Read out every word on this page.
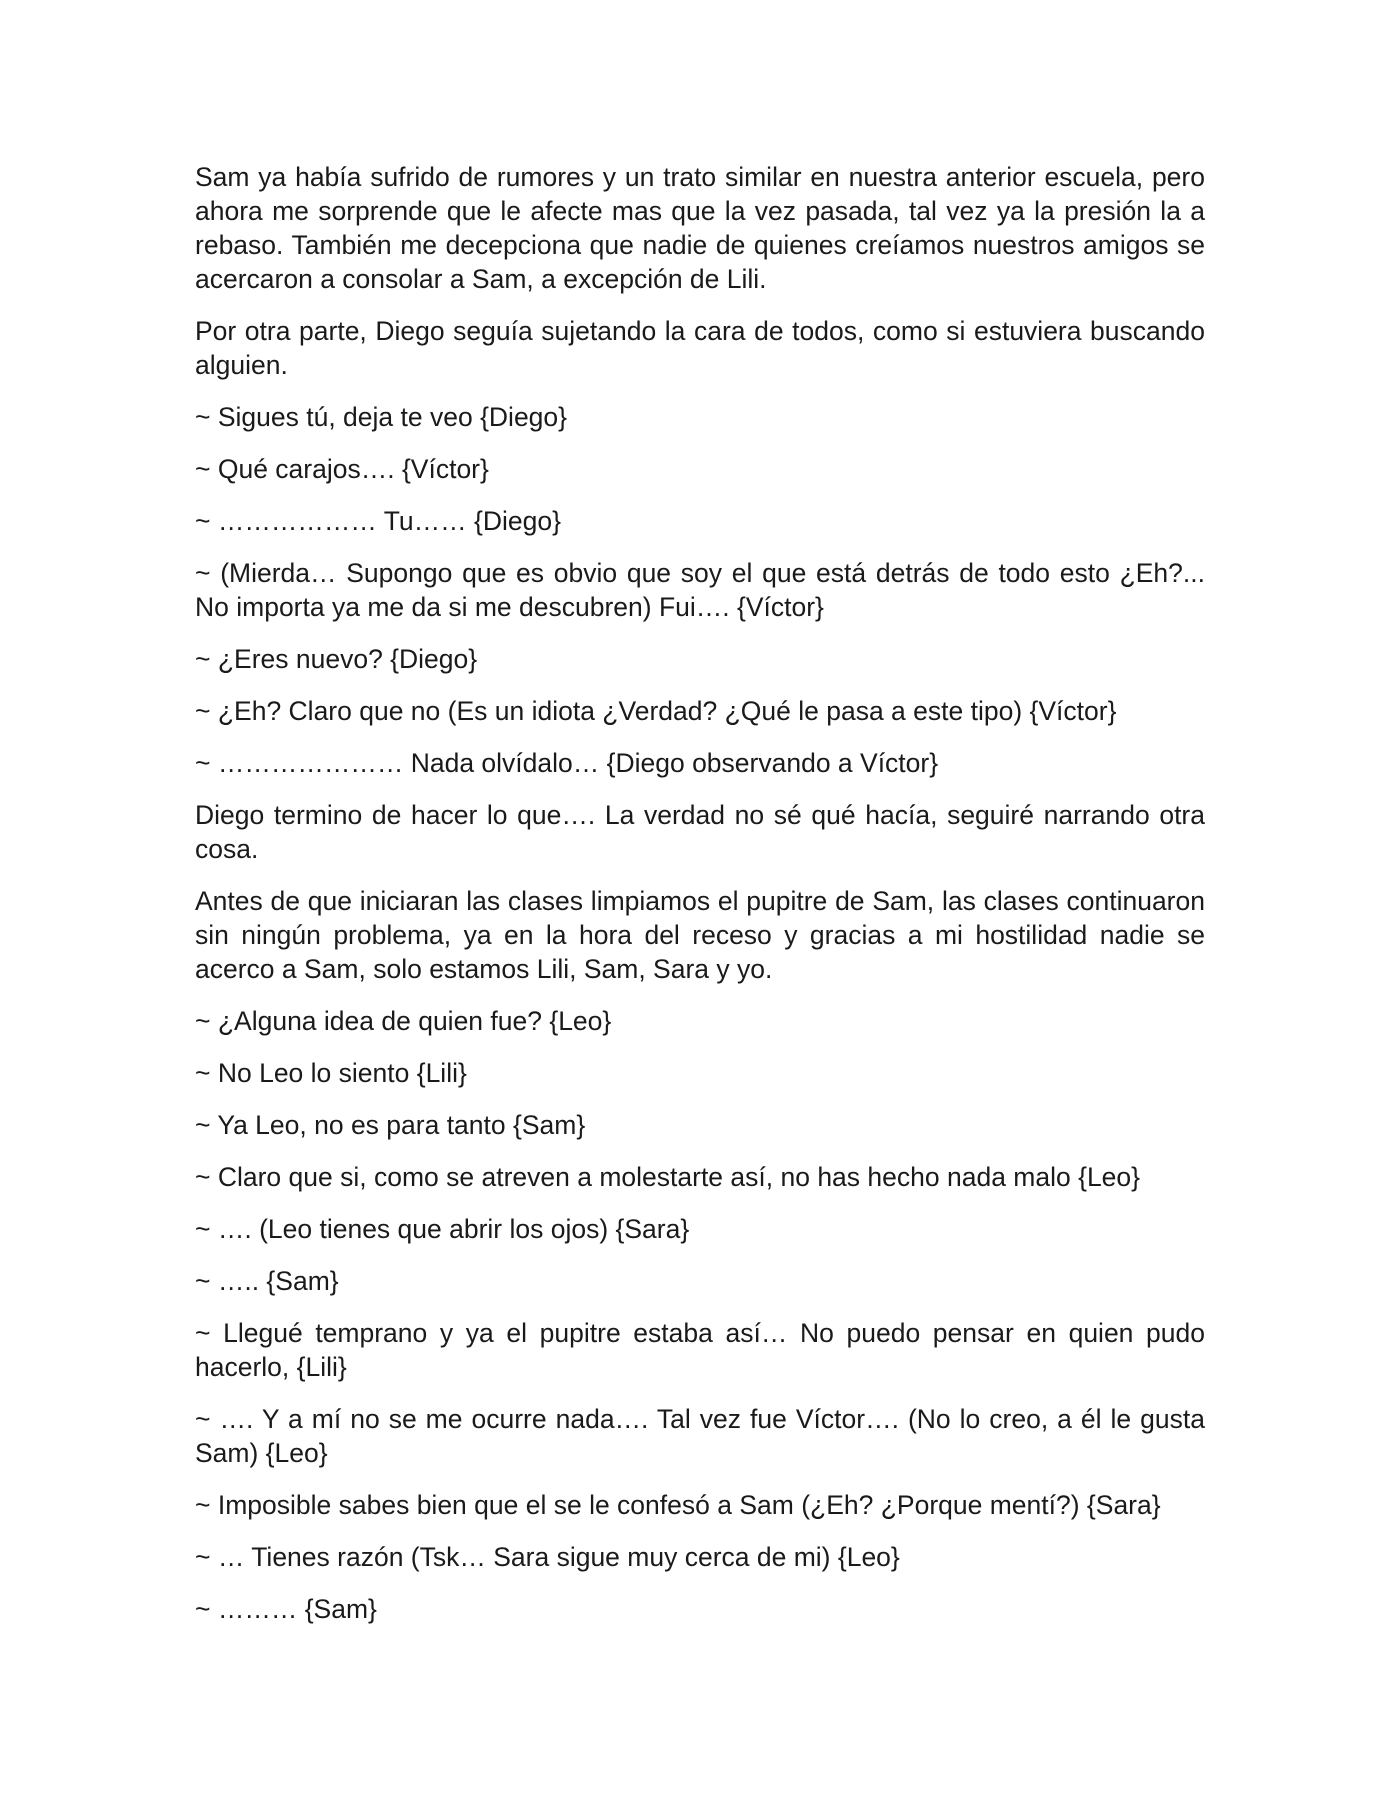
Sam ya había sufrido de rumores y un trato similar en nuestra anterior escuela, pero ahora me sorprende que le afecte mas que la vez pasada, tal vez ya la presión la a rebaso. También me decepciona que nadie de quienes creíamos nuestros amigos se acercaron a consolar a Sam, a excepción de Lili.

Por otra parte, Diego seguía sujetando la cara de todos, como si estuviera buscando alguien.

~ Sigues tú, deja te veo {Diego}

~ Qué carajos…. {Víctor}

~ ……………… Tu…… {Diego}

~ (Mierda… Supongo que es obvio que soy el que está detrás de todo esto ¿Eh?... No importa ya me da si me descubren) Fui…. {Víctor}

~ ¿Eres nuevo? {Diego}

~ ¿Eh? Claro que no (Es un idiota ¿Verdad? ¿Qué le pasa a este tipo) {Víctor}

~ ………………… Nada olvídalo… {Diego observando a Víctor}

Diego termino de hacer lo que…. La verdad no sé qué hacía, seguiré narrando otra cosa.

Antes de que iniciaran las clases limpiamos el pupitre de Sam, las clases continuaron sin ningún problema, ya en la hora del receso y gracias a mi hostilidad nadie se acerco a Sam, solo estamos Lili, Sam, Sara y yo.

~ ¿Alguna idea de quien fue? {Leo}

~ No Leo lo siento {Lili}

~ Ya Leo, no es para tanto {Sam}

~ Claro que si, como se atreven a molestarte así, no has hecho nada malo {Leo}

~ …. (Leo tienes que abrir los ojos) {Sara}

~ ….. {Sam}

~ Llegué temprano y ya el pupitre estaba así… No puedo pensar en quien pudo hacerlo, {Lili}

~ …. Y a mí no se me ocurre nada…. Tal vez fue Víctor…. (No lo creo, a él le gusta Sam) {Leo}

~ Imposible sabes bien que el se le confesó a Sam (¿Eh? ¿Porque mentí?) {Sara}

~ … Tienes razón (Tsk… Sara sigue muy cerca de mi) {Leo}

~ ……… {Sam}
